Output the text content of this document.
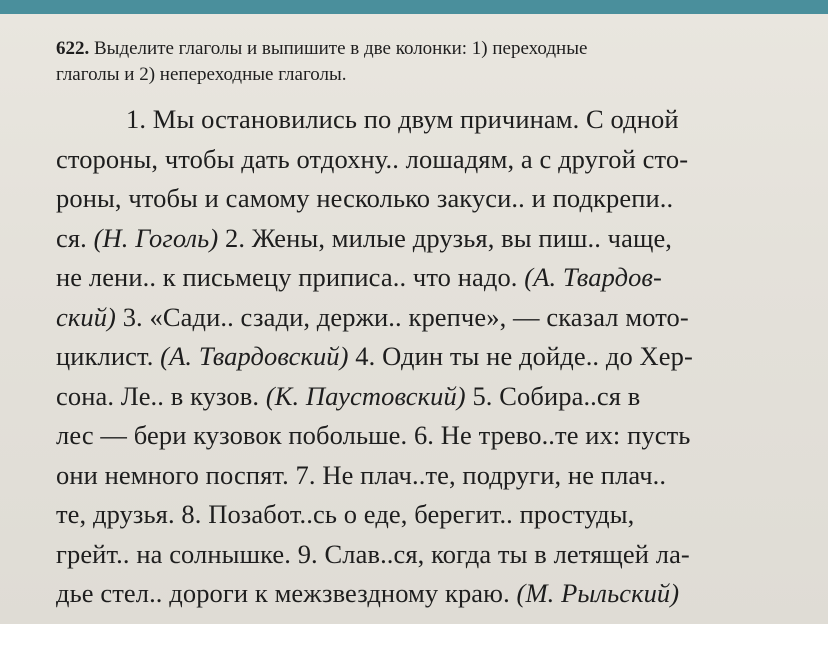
622. Выделите глаголы и выпишите в две колонки: 1) переходные

глаголы и 2) непереходные глаголы.

1. Мы остановились по двум причинам. С одной

стороны, чтобы дать отдохну.. лошадям, а с другой сто-

роны, чтобы и самому несколько закуси.. и подкрепи..

ся. (Н. Гоголь) 2. Жены, милые друзья, вы пиш.. чаще,

не лени.. к письмецу приписа.. что надо. (А. Твардов-

ский) 3. «Сади.. сзади, держи.. крепче», — сказал мото-

циклист. (А. Твардовский) 4. Один ты не дойде.. до Хер-

сона. Ле.. в кузов. (К. Паустовский) 5. Собира..ся в

лес — бери кузовок побольше. 6. Не трево..те их: пусть

они немного поспят. 7. Не плач..те, подруги, не плач..

те, друзья. 8. Позабот..сь о еде, берегит.. простуды,

грейт.. на солнышке. 9. Слав..ся, когда ты в летящей ла-

дье стел.. дороги к межзвездному краю. (М. Рыльский)
